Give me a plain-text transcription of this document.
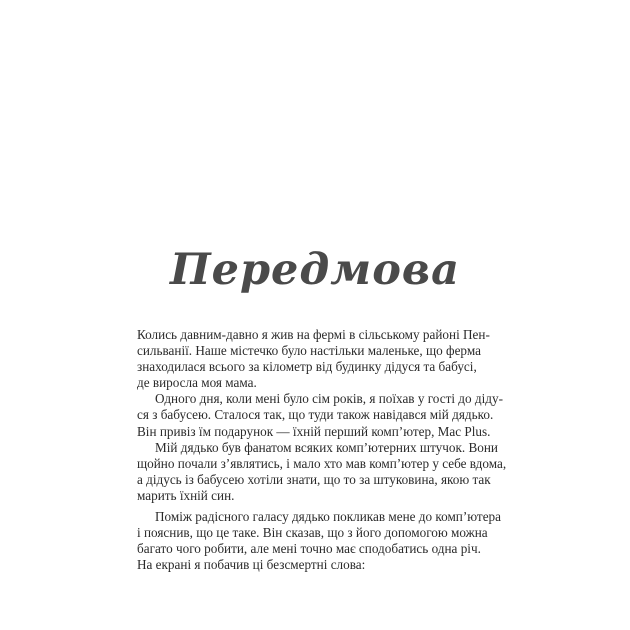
Передмова

Колись давним-давно я жив на фермі в сільському районі Пен-
сильванії. Наше містечко було настільки маленьке, що ферма
знаходилася всього за кілометр від будинку дідуся та бабусі,
де виросла моя мама.

Одного дня, коли мені було сім років, я поїхав у гості до діду-
ся з бабусею. Сталося так, що туди також навідався мій дядько.
Він привіз їм подарунок — їхній перший комп’ютер, Mac Plus.

Мій дядько був фанатом всяких комп’ютерних штучок. Вони
щойно почали з’являтись, і мало хто мав комп’ютер у себе вдома,
а дідусь із бабусею хотіли знати, що то за штуковина, якою так
марить їхній син.

Поміж радісного галасу дядько покликав мене до комп’ютера
і пояснив, що це таке. Він сказав, що з його допомогою можна
багато чого робити, але мені точно має сподобатись одна річ.
На екрані я побачив ці безсмертні слова:
